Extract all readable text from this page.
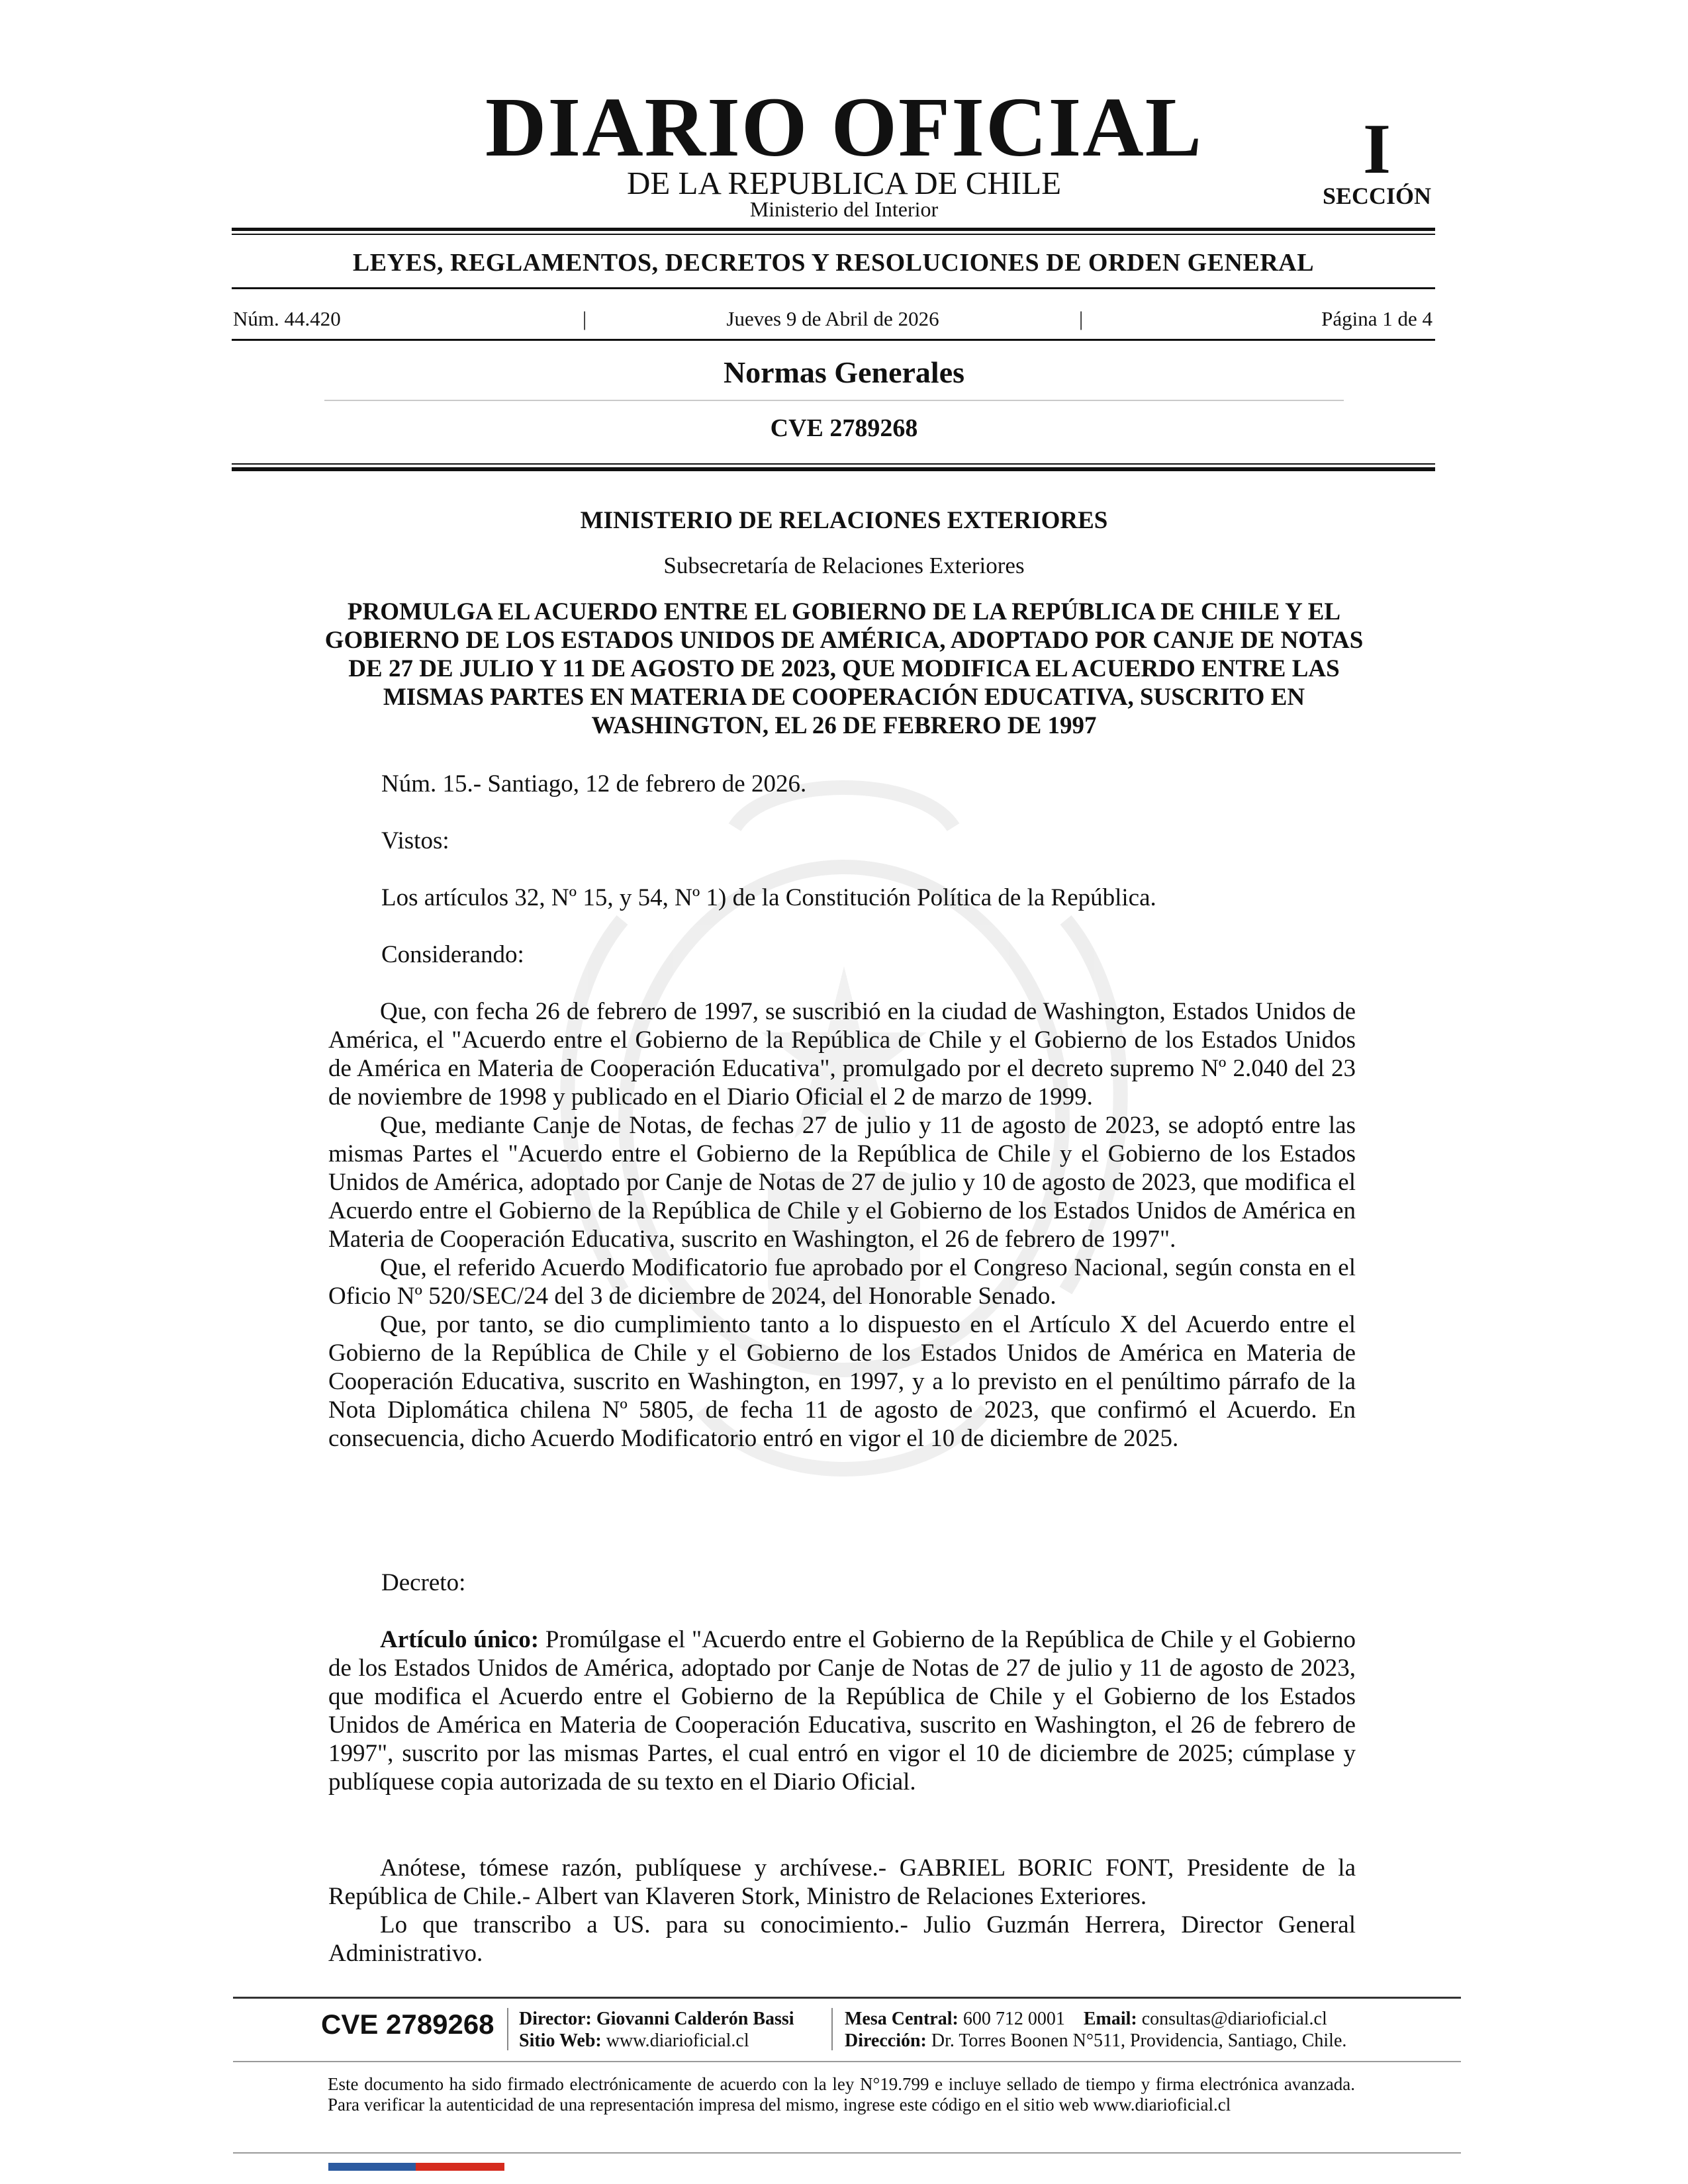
DIARIO OFICIAL
DE LA REPUBLICA DE CHILE
Ministerio del Interior
I
SECCIÓN
LEYES, REGLAMENTOS, DECRETOS Y RESOLUCIONES DE ORDEN GENERAL
Núm. 44.420	|	Jueves 9 de Abril de 2026	|	Página 1 de 4
Normas Generales
CVE 2789268
MINISTERIO DE RELACIONES EXTERIORES
Subsecretaría de Relaciones Exteriores
PROMULGA EL ACUERDO ENTRE EL GOBIERNO DE LA REPÚBLICA DE CHILE Y EL GOBIERNO DE LOS ESTADOS UNIDOS DE AMÉRICA, ADOPTADO POR CANJE DE NOTAS DE 27 DE JULIO Y 11 DE AGOSTO DE 2023, QUE MODIFICA EL ACUERDO ENTRE LAS MISMAS PARTES EN MATERIA DE COOPERACIÓN EDUCATIVA, SUSCRITO EN WASHINGTON, EL 26 DE FEBRERO DE 1997
Núm. 15.- Santiago, 12 de febrero de 2026.
Vistos:
Los artículos 32, Nº 15, y 54, Nº 1) de la Constitución Política de la República.
Considerando:

Que, con fecha 26 de febrero de 1997, se suscribió en la ciudad de Washington, Estados Unidos de América, el "Acuerdo entre el Gobierno de la República de Chile y el Gobierno de los Estados Unidos de América en Materia de Cooperación Educativa", promulgado por el decreto supremo Nº 2.040 del 23 de noviembre de 1998 y publicado en el Diario Oficial el 2 de marzo de 1999.

Que, mediante Canje de Notas, de fechas 27 de julio y 11 de agosto de 2023, se adoptó entre las mismas Partes el "Acuerdo entre el Gobierno de la República de Chile y el Gobierno de los Estados Unidos de América, adoptado por Canje de Notas de 27 de julio y 10 de agosto de 2023, que modifica el Acuerdo entre el Gobierno de la República de Chile y el Gobierno de los Estados Unidos de América en Materia de Cooperación Educativa, suscrito en Washington, el 26 de febrero de 1997".

Que, el referido Acuerdo Modificatorio fue aprobado por el Congreso Nacional, según consta en el Oficio Nº 520/SEC/24 del 3 de diciembre de 2024, del Honorable Senado.

Que, por tanto, se dio cumplimiento tanto a lo dispuesto en el Artículo X del Acuerdo entre el Gobierno de la República de Chile y el Gobierno de los Estados Unidos de América en Materia de Cooperación Educativa, suscrito en Washington, en 1997, y a lo previsto en el penúltimo párrafo de la Nota Diplomática chilena Nº 5805, de fecha 11 de agosto de 2023, que confirmó el Acuerdo. En consecuencia, dicho Acuerdo Modificatorio entró en vigor el 10 de diciembre de 2025.

Decreto:

Artículo único: Promúlgase el "Acuerdo entre el Gobierno de la República de Chile y el Gobierno de los Estados Unidos de América, adoptado por Canje de Notas de 27 de julio y 11 de agosto de 2023, que modifica el Acuerdo entre el Gobierno de la República de Chile y el Gobierno de los Estados Unidos de América en Materia de Cooperación Educativa, suscrito en Washington, el 26 de febrero de 1997", suscrito por las mismas Partes, el cual entró en vigor el 10 de diciembre de 2025; cúmplase y publíquese copia autorizada de su texto en el Diario Oficial.

Anótese, tómese razón, publíquese y archívese.- GABRIEL BORIC FONT, Presidente de la República de Chile.- Albert van Klaveren Stork, Ministro de Relaciones Exteriores.

Lo que transcribo a US. para su conocimiento.- Julio Guzmán Herrera, Director General Administrativo.

CVE 2789268 Director: Giovanni Calderón Bassi
Sitio Web: www.diarioficial.cl
Mesa Central: 600 712 0001 Email: consultas@diarioficial.cl
Dirección: Dr. Torres Boonen N°511, Providencia, Santiago, Chile.
Este documento ha sido firmado electrónicamente de acuerdo con la ley N°19.799 e incluye sellado de tiempo y firma electrónica avanzada. Para verificar la autenticidad de una representación impresa del mismo, ingrese este código en el sitio web www.diarioficial.cl
